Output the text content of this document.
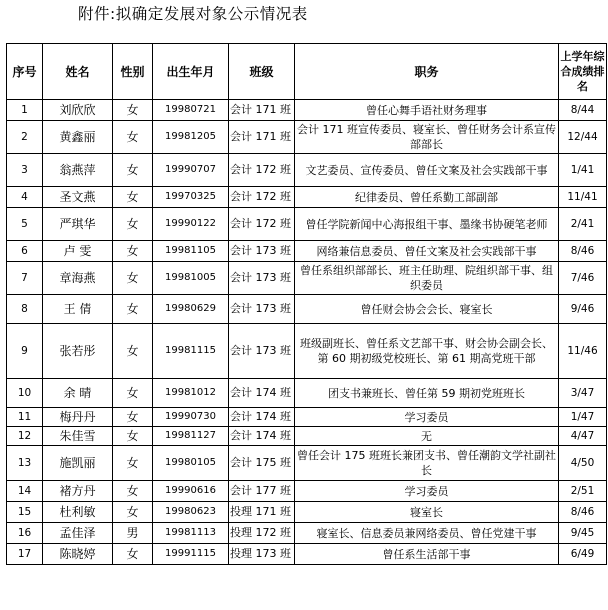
附件:拟确定发展对象公示情况表
序号	姓名	性别	出生年月	班级	职务	上学年综合成绩排名
1	刘欣欣	女	19980721	会计 171 班	曾任心舞手语社财务理事	8/44
2	黄鑫丽	女	19981205	会计 171 班	会计 171 班宣传委员、寝室长、曾任财务会计系宣传部部长	12/44
3	翁燕萍	女	19990707	会计 172 班	文艺委员、宣传委员、曾任文案及社会实践部干事	1/41
4	圣文燕	女	19970325	会计 172 班	纪律委员、曾任系勤工部副部	11/41
5	严琪华	女	19990122	会计 172 班	曾任学院新闻中心海报组干事、墨缘书协硬笔老师	2/41
6	卢 雯	女	19981105	会计 173 班	网络兼信息委员、曾任文案及社会实践部干事	8/46
7	章海燕	女	19981005	会计 173 班	曾任系组织部部长、班主任助理、院组织部干事、组织委员	7/46
8	王 倩	女	19980629	会计 173 班	曾任财会协会会长、寝室长	9/46
9	张若彤	女	19981115	会计 173 班	班级副班长、曾任系文艺部干事、财会协会副会长、第 60 期初级党校班长、第 61 期高党班干部	11/46
10	余 晴	女	19981012	会计 174 班	团支书兼班长、曾任第 59 期初党班班长	3/47
11	梅丹丹	女	19990730	会计 174 班	学习委员	1/47
12	朱佳雪	女	19981127	会计 174 班	无	4/47
13	施凯丽	女	19980105	会计 175 班	曾任会计 175 班班长兼团支书、曾任潮韵文学社副社长	4/50
14	褚方丹	女	19990616	会计 177 班	学习委员	2/51
15	杜利敏	女	19980623	投理 171 班	寝室长	8/46
16	孟佳泽	男	19981113	投理 172 班	寝室长、信息委员兼网络委员、曾任党建干事	9/45
17	陈晓婷	女	19991115	投理 173 班	曾任系生活部干事	6/49
